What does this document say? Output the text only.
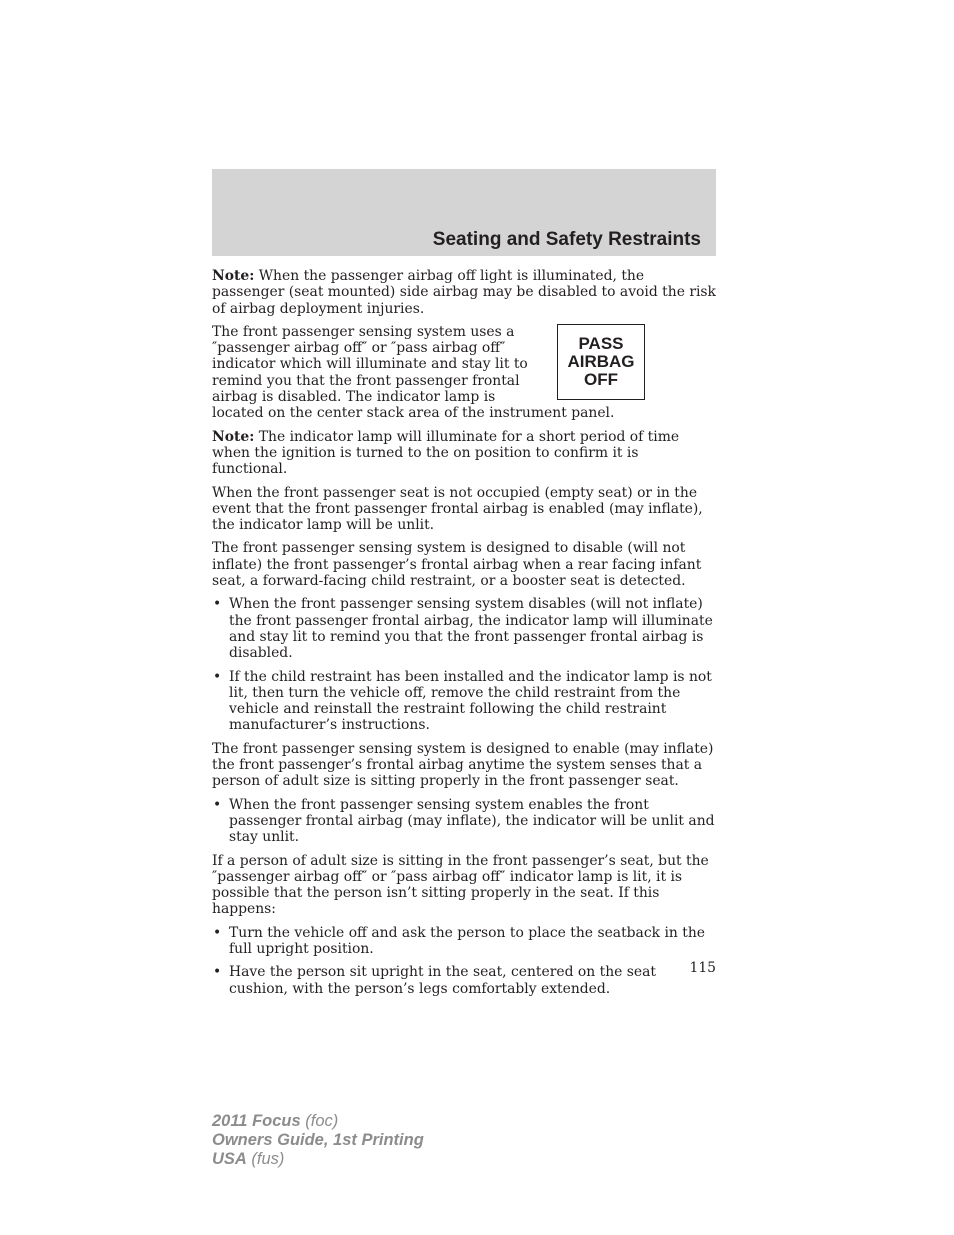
Seating and Safety Restraints

Note: When the passenger airbag off light is illuminated, the passenger (seat mounted) side airbag may be disabled to avoid the risk of airbag deployment injuries.

PASS
AIRBAG
OFF
The front passenger sensing system uses a ″passenger airbag off″ or ″pass airbag off″ indicator which will illuminate and stay lit to remind you that the front passenger frontal airbag is disabled. The indicator lamp is located on the center stack area of the instrument panel.

Note: The indicator lamp will illuminate for a short period of time when the ignition is turned to the on position to confirm it is functional.

When the front passenger seat is not occupied (empty seat) or in the event that the front passenger frontal airbag is enabled (may inflate), the indicator lamp will be unlit.

The front passenger sensing system is designed to disable (will not inflate) the front passenger’s frontal airbag when a rear facing infant seat, a forward-facing child restraint, or a booster seat is detected.

• When the front passenger sensing system disables (will not inflate) the front passenger frontal airbag, the indicator lamp will illuminate and stay lit to remind you that the front passenger frontal airbag is disabled.
• If the child restraint has been installed and the indicator lamp is not lit, then turn the vehicle off, remove the child restraint from the vehicle and reinstall the restraint following the child restraint manufacturer’s instructions.

The front passenger sensing system is designed to enable (may inflate) the front passenger’s frontal airbag anytime the system senses that a person of adult size is sitting properly in the front passenger seat.

• When the front passenger sensing system enables the front passenger frontal airbag (may inflate), the indicator will be unlit and stay unlit.

If a person of adult size is sitting in the front passenger’s seat, but the ″passenger airbag off″ or ″pass airbag off″ indicator lamp is lit, it is possible that the person isn’t sitting properly in the seat. If this happens:

• Turn the vehicle off and ask the person to place the seatback in the full upright position.
• Have the person sit upright in the seat, centered on the seat cushion, with the person’s legs comfortably extended.
115
2011 Focus (foc)
Owners Guide, 1st Printing
USA (fus)
